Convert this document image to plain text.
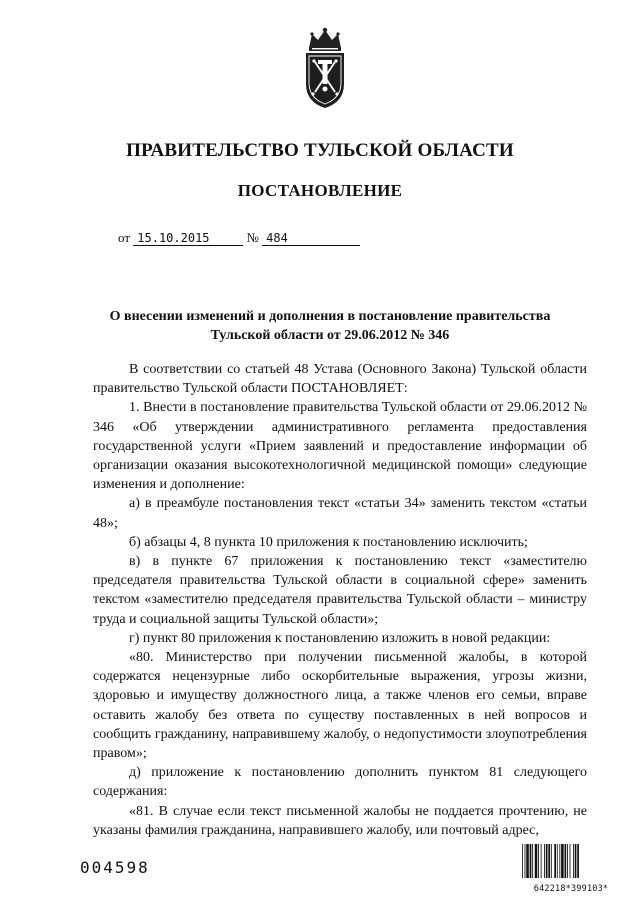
ПРАВИТЕЛЬСТВО ТУЛЬСКОЙ ОБЛАСТИ
ПОСТАНОВЛЕНИЕ
от 15.10.2015	№ 484
О внесении изменений и дополнения в постановление правительства
Тульской области от 29.06.2012 № 346

В соответствии со статьей 48 Устава (Основного Закона) Тульской области правительство Тульской области ПОСТАНОВЛЯЕТ:

1. Внести в постановление правительства Тульской области от 29.06.2012 № 346 «Об утверждении административного регламента предоставления государственной услуги «Прием заявлений и предоставление информации об организации оказания высокотехнологичной медицинской помощи» следующие изменения и дополнение:

а) в преамбуле постановления текст «статьи 34» заменить текстом «статьи 48»;

б) абзацы 4, 8 пункта 10 приложения к постановлению исключить;

в) в пункте 67 приложения к постановлению текст «заместителю председателя правительства Тульской области в социальной сфере» заменить текстом «заместителю председателя правительства Тульской области – министру труда и социальной защиты Тульской области»;

г) пункт 80 приложения к постановлению изложить в новой редакции:

«80. Министерство при получении письменной жалобы, в которой содержатся нецензурные либо оскорбительные выражения, угрозы жизни, здоровью и имуществу должностного лица, а также членов его семьи, вправе оставить жалобу без ответа по существу поставленных в ней вопросов и сообщить гражданину, направившему жалобу, о недопустимости злоупотребления правом»;

д) приложение к постановлению дополнить пунктом 81 следующего содержания:

«81. В случае если текст письменной жалобы не поддается прочтению, не указаны фамилия гражданина, направившего жалобу, или почтовый адрес,

004598
642218*399103*
